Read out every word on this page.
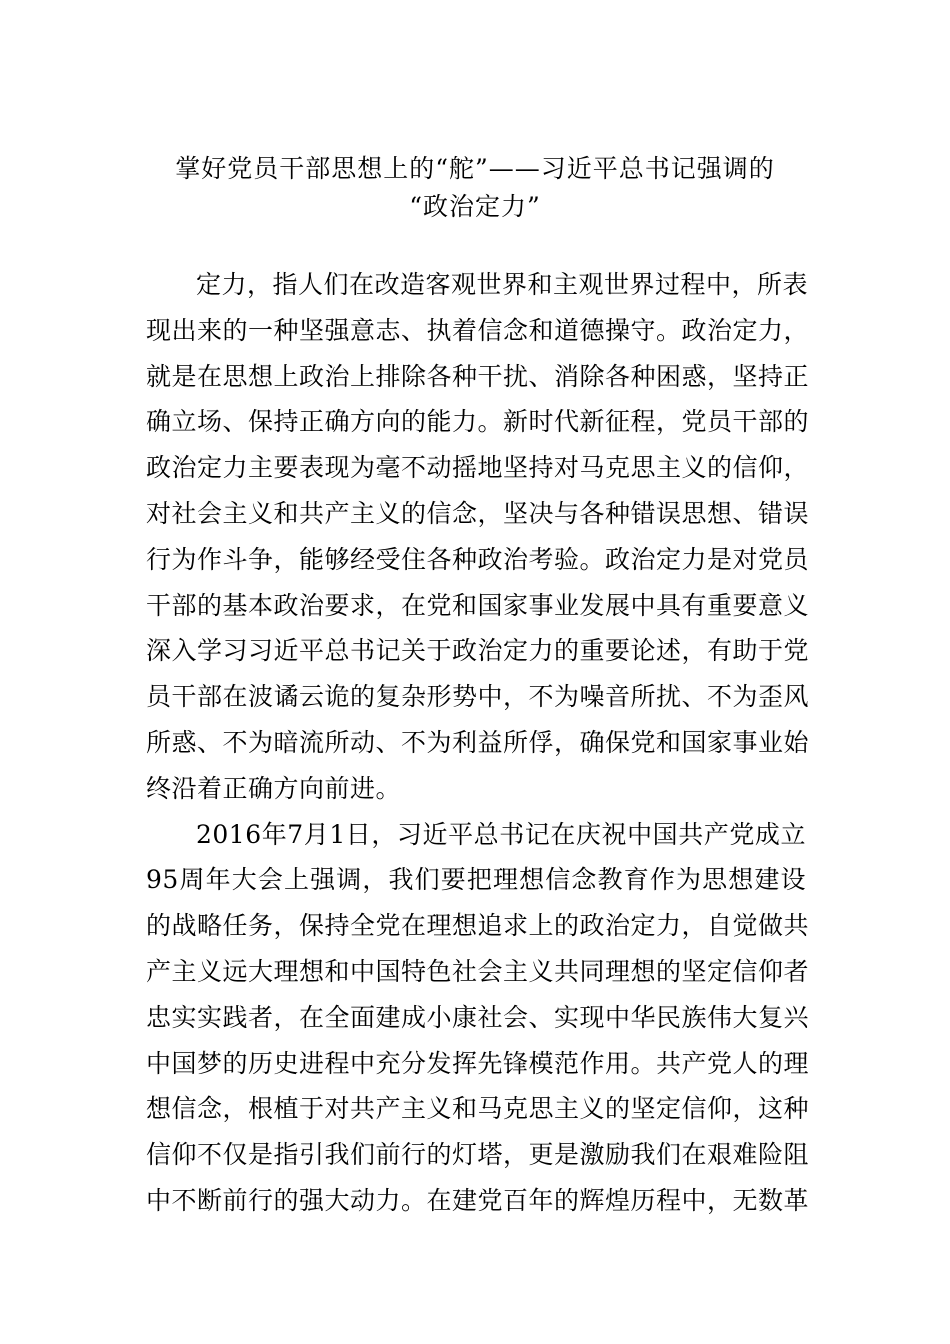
掌好党员干部思想上的“舵”——习近平总书记强调的
“政治定力”
定力，指人们在改造客观世界和主观世界过程中，所表
现出来的一种坚强意志、执着信念和道德操守。政治定力，
就是在思想上政治上排除各种干扰、消除各种困惑，坚持正
确立场、保持正确方向的能力。新时代新征程，党员干部的
政治定力主要表现为毫不动摇地坚持对马克思主义的信仰，
对社会主义和共产主义的信念，坚决与各种错误思想、错误
行为作斗争，能够经受住各种政治考验。政治定力是对党员
干部的基本政治要求，在党和国家事业发展中具有重要意义
深入学习习近平总书记关于政治定力的重要论述，有助于党
员干部在波谲云诡的复杂形势中，不为噪音所扰、不为歪风
所惑、不为暗流所动、不为利益所俘，确保党和国家事业始
终沿着正确方向前进。
2016年7月1日，习近平总书记在庆祝中国共产党成立
95周年大会上强调，我们要把理想信念教育作为思想建设
的战略任务，保持全党在理想追求上的政治定力，自觉做共
产主义远大理想和中国特色社会主义共同理想的坚定信仰者
忠实实践者，在全面建成小康社会、实现中华民族伟大复兴
中国梦的历史进程中充分发挥先锋模范作用。共产党人的理
想信念，根植于对共产主义和马克思主义的坚定信仰，这种
信仰不仅是指引我们前行的灯塔，更是激励我们在艰难险阻
中不断前行的强大动力。在建党百年的辉煌历程中，无数革
